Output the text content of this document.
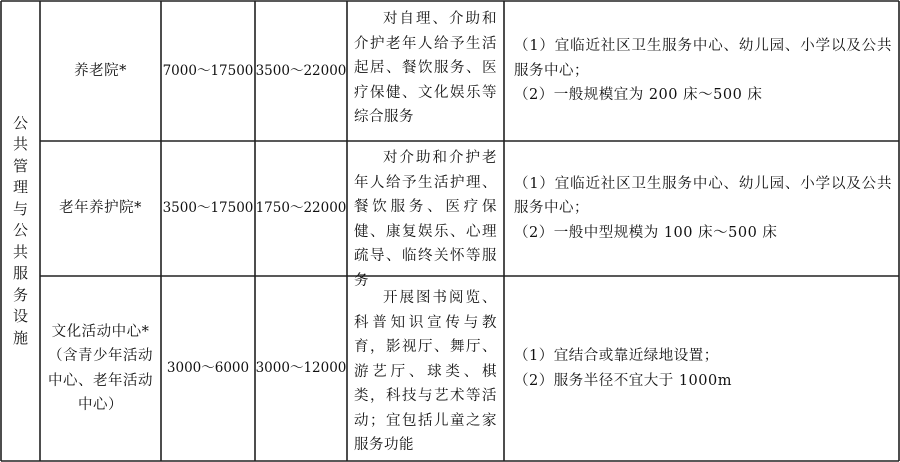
公共管理与公共服务设施
养老院*	7000～17500 3500～22000
对自理、介助和介护老年人给予生活起居、餐饮服务、医疗保健、文化娱乐等综合服务
（1）宜临近社区卫生服务中心、幼儿园、小学以及公共服务中心；
（2）一般规模宜为 200 床～500 床
老年养护院* 3500～17500 1750～22000
对介助和介护老年人给予生活护理、餐饮服务、医疗保健、康复娱乐、心理疏导、临终关怀等服务
（1）宜临近社区卫生服务中心、幼儿园、小学以及公共服务中心；
（2）一般中型规模为 100 床～500 床
文化活动中心*（含青少年活动中心、老年活动中心）
3000～6000 3000～12000
开展图书阅览、科普知识宣传与教育，影视厅、舞厅、游艺厅、球类、棋类，科技与艺术等活动；宜包括儿童之家服务功能
（1）宜结合或靠近绿地设置；
（2）服务半径不宜大于 1000m
